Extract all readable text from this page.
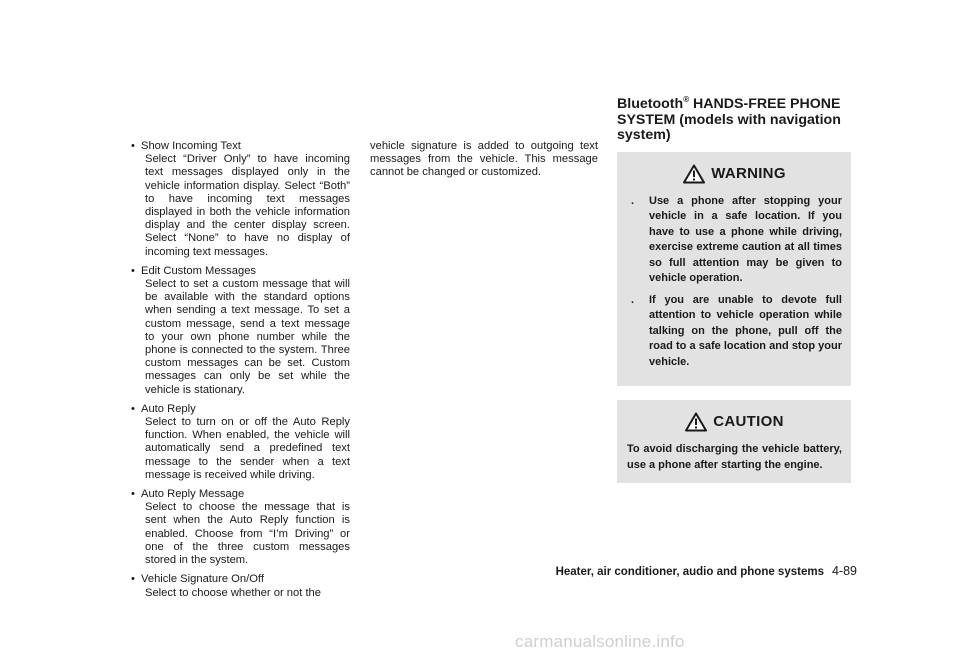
• Show Incoming Text
Select “Driver Only” to have incoming text messages displayed only in the vehicle information display. Select “Both” to have incoming text messages displayed in both the vehicle information display and the center display screen. Select “None” to have no display of incoming text messages.
• Edit Custom Messages
Select to set a custom message that will be available with the standard options when sending a text message. To set a custom message, send a text message to your own phone number while the phone is connected to the system. Three custom messages can be set. Custom messages can only be set while the vehicle is stationary.
• Auto Reply
Select to turn on or off the Auto Reply function. When enabled, the vehicle will automatically send a predefined text message to the sender when a text message is received while driving.
• Auto Reply Message
Select to choose the message that is sent when the Auto Reply function is enabled. Choose from “I’m Driving” or one of the three custom messages stored in the system.
• Vehicle Signature On/Off
Select to choose whether or not the
vehicle signature is added to outgoing text messages from the vehicle. This message cannot be changed or customized.
Bluetooth® HANDS-FREE PHONE SYSTEM (models with navigation system)
WARNING
.	Use a phone after stopping your vehicle in a safe location. If you have to use a phone while driving, exercise extreme caution at all times so full attention may be given to vehicle operation.
.	If you are unable to devote full attention to vehicle operation while talking on the phone, pull off the road to a safe location and stop your vehicle.
CAUTION
To avoid discharging the vehicle battery, use a phone after starting the engine.
Heater, air conditioner, audio and phone systems 4-89
carmanualsonline.info
